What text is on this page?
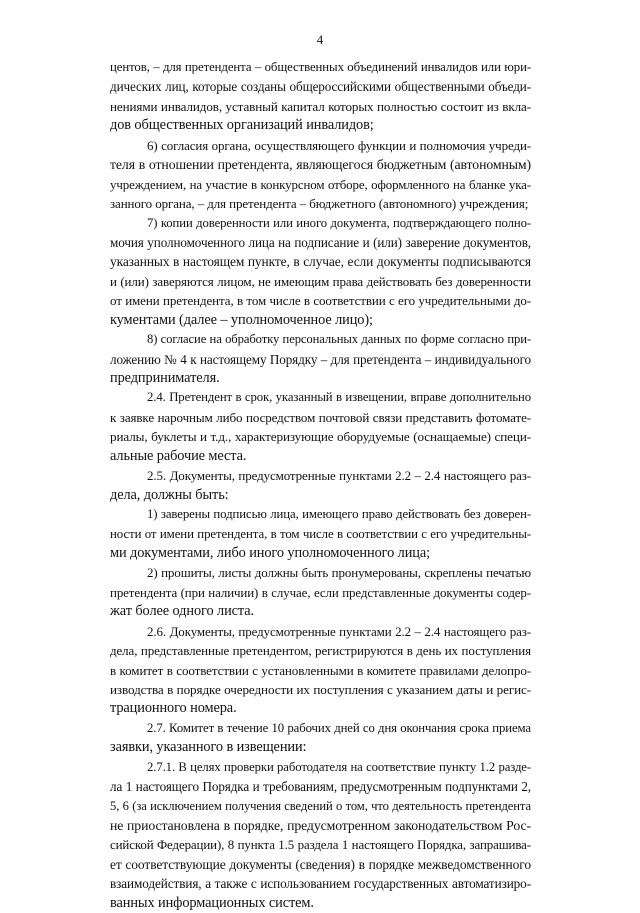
4
центов, – для претендента – общественных объединений инвалидов или юри-
дических лиц, которые созданы общероссийскими общественными объеди-
нениями инвалидов, уставный капитал которых полностью состоит из вкла-
дов общественных организаций инвалидов;
6) согласия органа, осуществляющего функции и полномочия учреди-
теля в отношении претендента, являющегося бюджетным (автономным)
учреждением, на участие в конкурсном отборе, оформленного на бланке ука-
занного органа, – для претендента – бюджетного (автономного) учреждения;
7) копии доверенности или иного документа, подтверждающего полно-
мочия уполномоченного лица на подписание и (или) заверение документов,
указанных в настоящем пункте, в случае, если документы подписываются
и (или) заверяются лицом, не имеющим права действовать без доверенности
от имени претендента, в том числе в соответствии с его учредительными до-
кументами (далее – уполномоченное лицо);
8) согласие на обработку персональных данных по форме согласно при-
ложению № 4 к настоящему Порядку – для претендента – индивидуального
предпринимателя.
2.4. Претендент в срок, указанный в извещении, вправе дополнительно
к заявке нарочным либо посредством почтовой связи представить фотомате-
риалы, буклеты и т.д., характеризующие оборудуемые (оснащаемые) специ-
альные рабочие места.
2.5. Документы, предусмотренные пунктами 2.2 – 2.4 настоящего раз-
дела, должны быть:
1) заверены подписью лица, имеющего право действовать без доверен-
ности от имени претендента, в том числе в соответствии с его учредительны-
ми документами, либо иного уполномоченного лица;
2) прошиты, листы должны быть пронумерованы, скреплены печатью
претендента (при наличии) в случае, если представленные документы содер-
жат более одного листа.
2.6. Документы, предусмотренные пунктами 2.2 – 2.4 настоящего раз-
дела, представленные претендентом, регистрируются в день их поступления
в комитет в соответствии с установленными в комитете правилами делопро-
изводства в порядке очередности их поступления с указанием даты и регис-
трационного номера.
2.7. Комитет в течение 10 рабочих дней со дня окончания срока приема
заявки, указанного в извещении:
2.7.1. В целях проверки работодателя на соответствие пункту 1.2 разде-
ла 1 настоящего Порядка и требованиям, предусмотренным подпунктами 2,
5, 6 (за исключением получения сведений о том, что деятельность претендента
не приостановлена в порядке, предусмотренном законодательством Рос-
сийской Федерации), 8 пункта 1.5 раздела 1 настоящего Порядка, запрашива-
ет соответствующие документы (сведения) в порядке межведомственного
взаимодействия, а также с использованием государственных автоматизиро-
ванных информационных систем.
